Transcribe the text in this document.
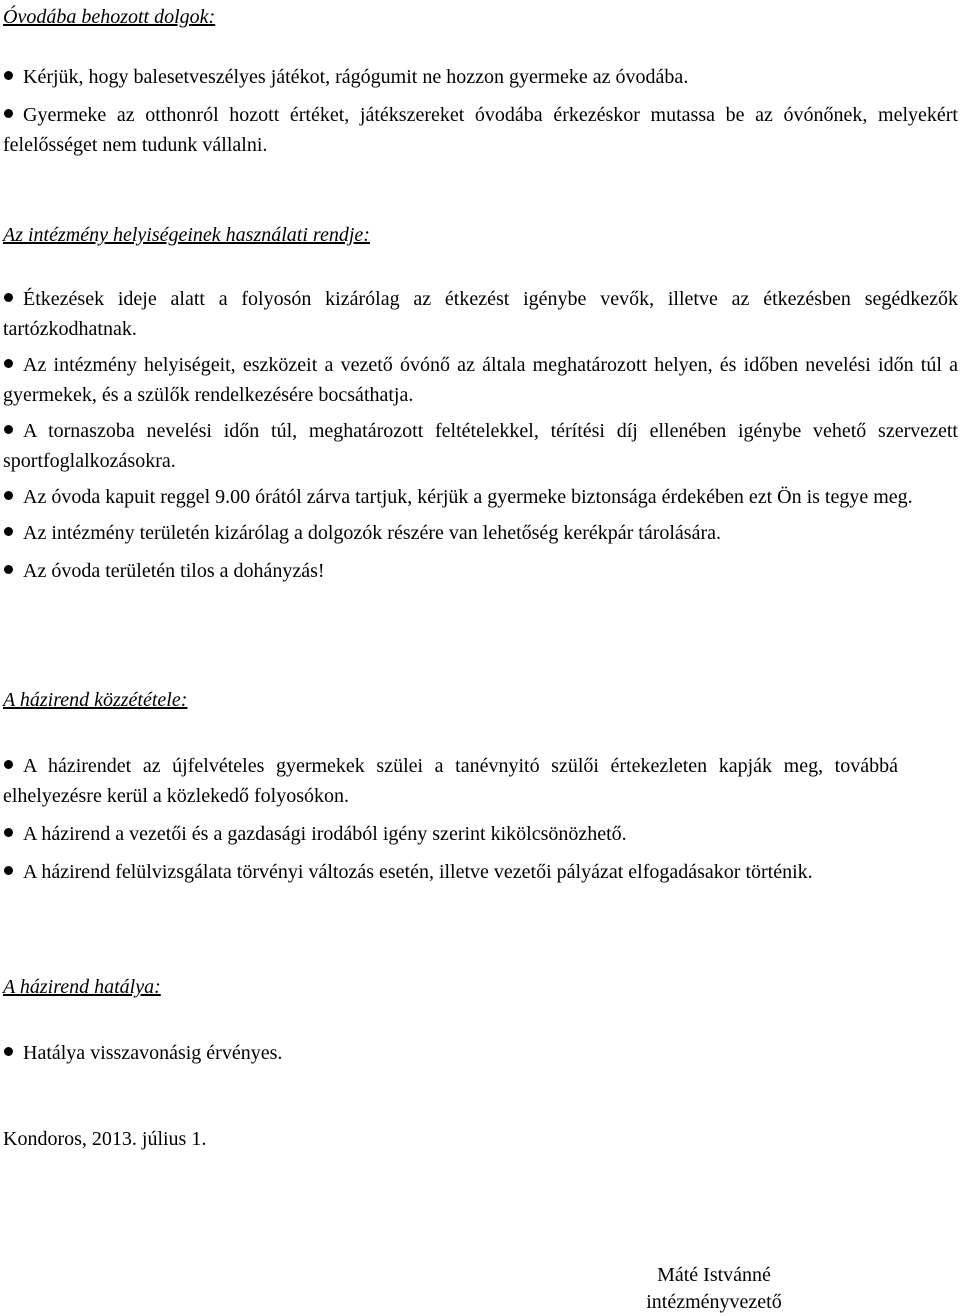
Óvodába behozott dolgok:

Kérjük, hogy balesetveszélyes játékot, rágógumit ne hozzon gyermeke az óvodába.
Gyermeke az otthonról hozott értéket, játékszereket óvodába érkezéskor mutassa be az óvónőnek, melyekért felelősséget nem tudunk vállalni.

Az intézmény helyiségeinek használati rendje:

Étkezések ideje alatt a folyosón kizárólag az étkezést igénybe vevők, illetve az étkezésben segédkezők tartózkodhatnak.
Az intézmény helyiségeit, eszközeit a vezető óvónő az általa meghatározott helyen, és időben nevelési időn túl a gyermekek, és a szülők rendelkezésére bocsáthatja.
A tornaszoba nevelési időn túl, meghatározott feltételekkel, térítési díj ellenében igénybe vehető szervezett sportfoglalkozásokra.
Az óvoda kapuit reggel 9.00 órától zárva tartjuk, kérjük a gyermeke biztonsága érdekében ezt Ön is tegye meg.
Az intézmény területén kizárólag a dolgozók részére van lehetőség kerékpár tárolására.
Az óvoda területén tilos a dohányzás!

A házirend közzététele:

A házirendet az újfelvételes gyermekek szülei a tanévnyitó szülői értekezleten kapják meg, továbbá elhelyezésre kerül a közlekedő folyosókon.
A házirend a vezetői és a gazdasági irodából igény szerint kikölcsönözhető.
A házirend felülvizsgálata törvényi változás esetén, illetve vezetői pályázat elfogadásakor történik.

A házirend hatálya:

Hatálya visszavonásig érvényes.
Kondoros, 2013. július 1.
Máté Istvánné
intézményvezető
